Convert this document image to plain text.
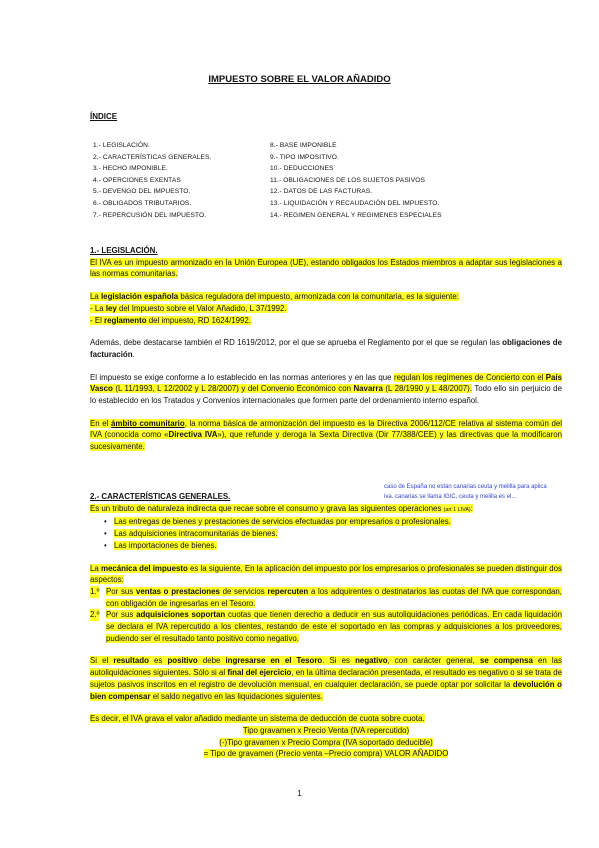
IMPUESTO SOBRE EL VALOR AÑADIDO
ÍNDICE
1.- LEGISLACIÓN.
2.- CARACTERÍSTICAS GENERALES.
3.- HECHO IMPONIBLE.
4.- OPERCIONES EXENTAS
5.- DEVENGO DEL IMPUESTO.
6.- OBLIGADOS TRIBUTARIOS.
7.- REPERCUSIÓN DEL IMPUESTO.
8.- BASE IMPONIBLE
9.- TIPO IMPOSITIVO.
10.- DEDUCCIONES
11.- OBLIGACIONES DE LOS SUJETOS PASIVOS
12.- DATOS DE LAS FACTURAS.
13.- LIQUIDACIÓN Y RECAUDACIÓN DEL IMPUESTO.
14.- REGIMEN GENERAL Y REGIMENES ESPECIALES

1.- LEGISLACIÓN.

El IVA es un impuesto armonizado en la Unión Europea (UE), estando obligados los Estados miembros a adaptar sus legislaciones a las normas comunitarias.

La legislación española básica reguladora del impuesto, armonizada con la comunitaria, es la siguiente:

- La ley del Impuesto sobre el Valor Añadido, L 37/1992.

- El reglamento del impuesto, RD 1624/1992.

Además, debe destacarse también el RD 1619/2012, por el que se aprueba el Reglamento por el que se regulan las obligaciones de facturación.

El impuesto se exige conforme a lo establecido en las normas anteriores y en las que regulan los regímenes de Concierto con el País Vasco (L 11/1993, L 12/2002 y L 28/2007) y del Convenio Económico con Navarra (L 28/1990 y L 48/2007). Todo ello sin perjuicio de lo establecido en los Tratados y Convenios internacionales que formen parte del ordenamiento interno español.

En el ámbito comunitario, la norma básica de armonización del impuesto es la Directiva 2006/112/CE relativa al sistema común del IVA (conocida como «Directiva IVA»), que refunde y deroga la Sexta Directiva (Dir 77/388/CEE) y las directivas que la modificaron sucesivamente.

caso de España no están canarias ceuta y melilla para aplica
iva. canarias se llama IGIC, ceuta y melilla es el...

2.- CARACTERÍSTICAS GENERALES.

Es un tributo de naturaleza indirecta que recae sobre el consumo y grava las siguientes operaciones (art 1 LIVA):

• Las entregas de bienes y prestaciones de servicios efectuadas por empresarios o profesionales.

• Las adquisiciones intracomunitarias de bienes.

• Las importaciones de bienes.

La mecánica del impuesto es la siguiente. En la aplicación del impuesto por los empresarios o profesionales se pueden distinguir dos aspectos:

1.º Por sus ventas o prestaciones de servicios repercuten a los adquirentes o destinatarios las cuotas del IVA que correspondan, con obligación de ingresarlas en el Tesoro.

2.º Por sus adquisiciones soportan cuotas que tienen derecho a deducir en sus autoliquidaciones periódicas. En cada liquidación se declara el IVA repercutido a los clientes, restando de este el soportado en las compras y adquisiciones a los proveedores, pudiendo ser el resultado tanto positivo como negativo.

Si el resultado es positivo debe ingresarse en el Tesoro. Si es negativo, con carácter general, se compensa en las autoliquidaciones siguientes. Sólo si al final del ejercicio, en la última declaración presentada, el resultado es negativo o si se trata de sujetos pasivos inscritos en el registro de devolución mensual, en cualquier declaración, se puede optar por solicitar la devolución o bien compensar el saldo negativo en las liquidaciones siguientes.

Es decir, el IVA grava el valor añadido mediante un sistema de deducción de cuota sobre cuota.

Tipo gravamen x Precio Venta (IVA repercutido)

(-)Tipo gravamen x Precio Compra (IVA soportado deducible)

= Tipo de gravamen (Precio venta –Precio compra) VALOR AÑADIDO

1
